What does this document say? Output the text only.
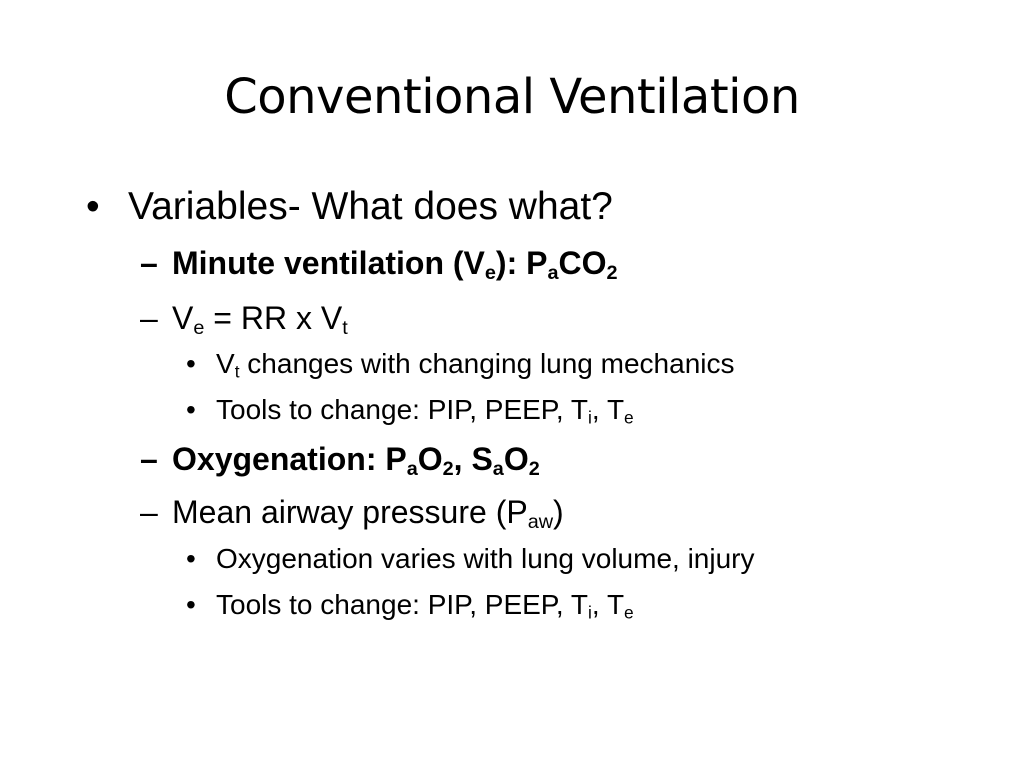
Conventional Ventilation
• Variables- What does what?
– Minute ventilation $(V_e)$: $P_aCO_2$
– $V_e$ = RR x $V_t$
• $V_t$ changes with changing lung mechanics
• Tools to change: PIP, PEEP, $T_i$, $T_e$
– Oxygenation: $P_aO_2$, $S_aO_2$
– Mean airway pressure $(P_{aw})$
• Oxygenation varies with lung volume, injury
• Tools to change: PIP, PEEP, $T_i$, $T_e$
